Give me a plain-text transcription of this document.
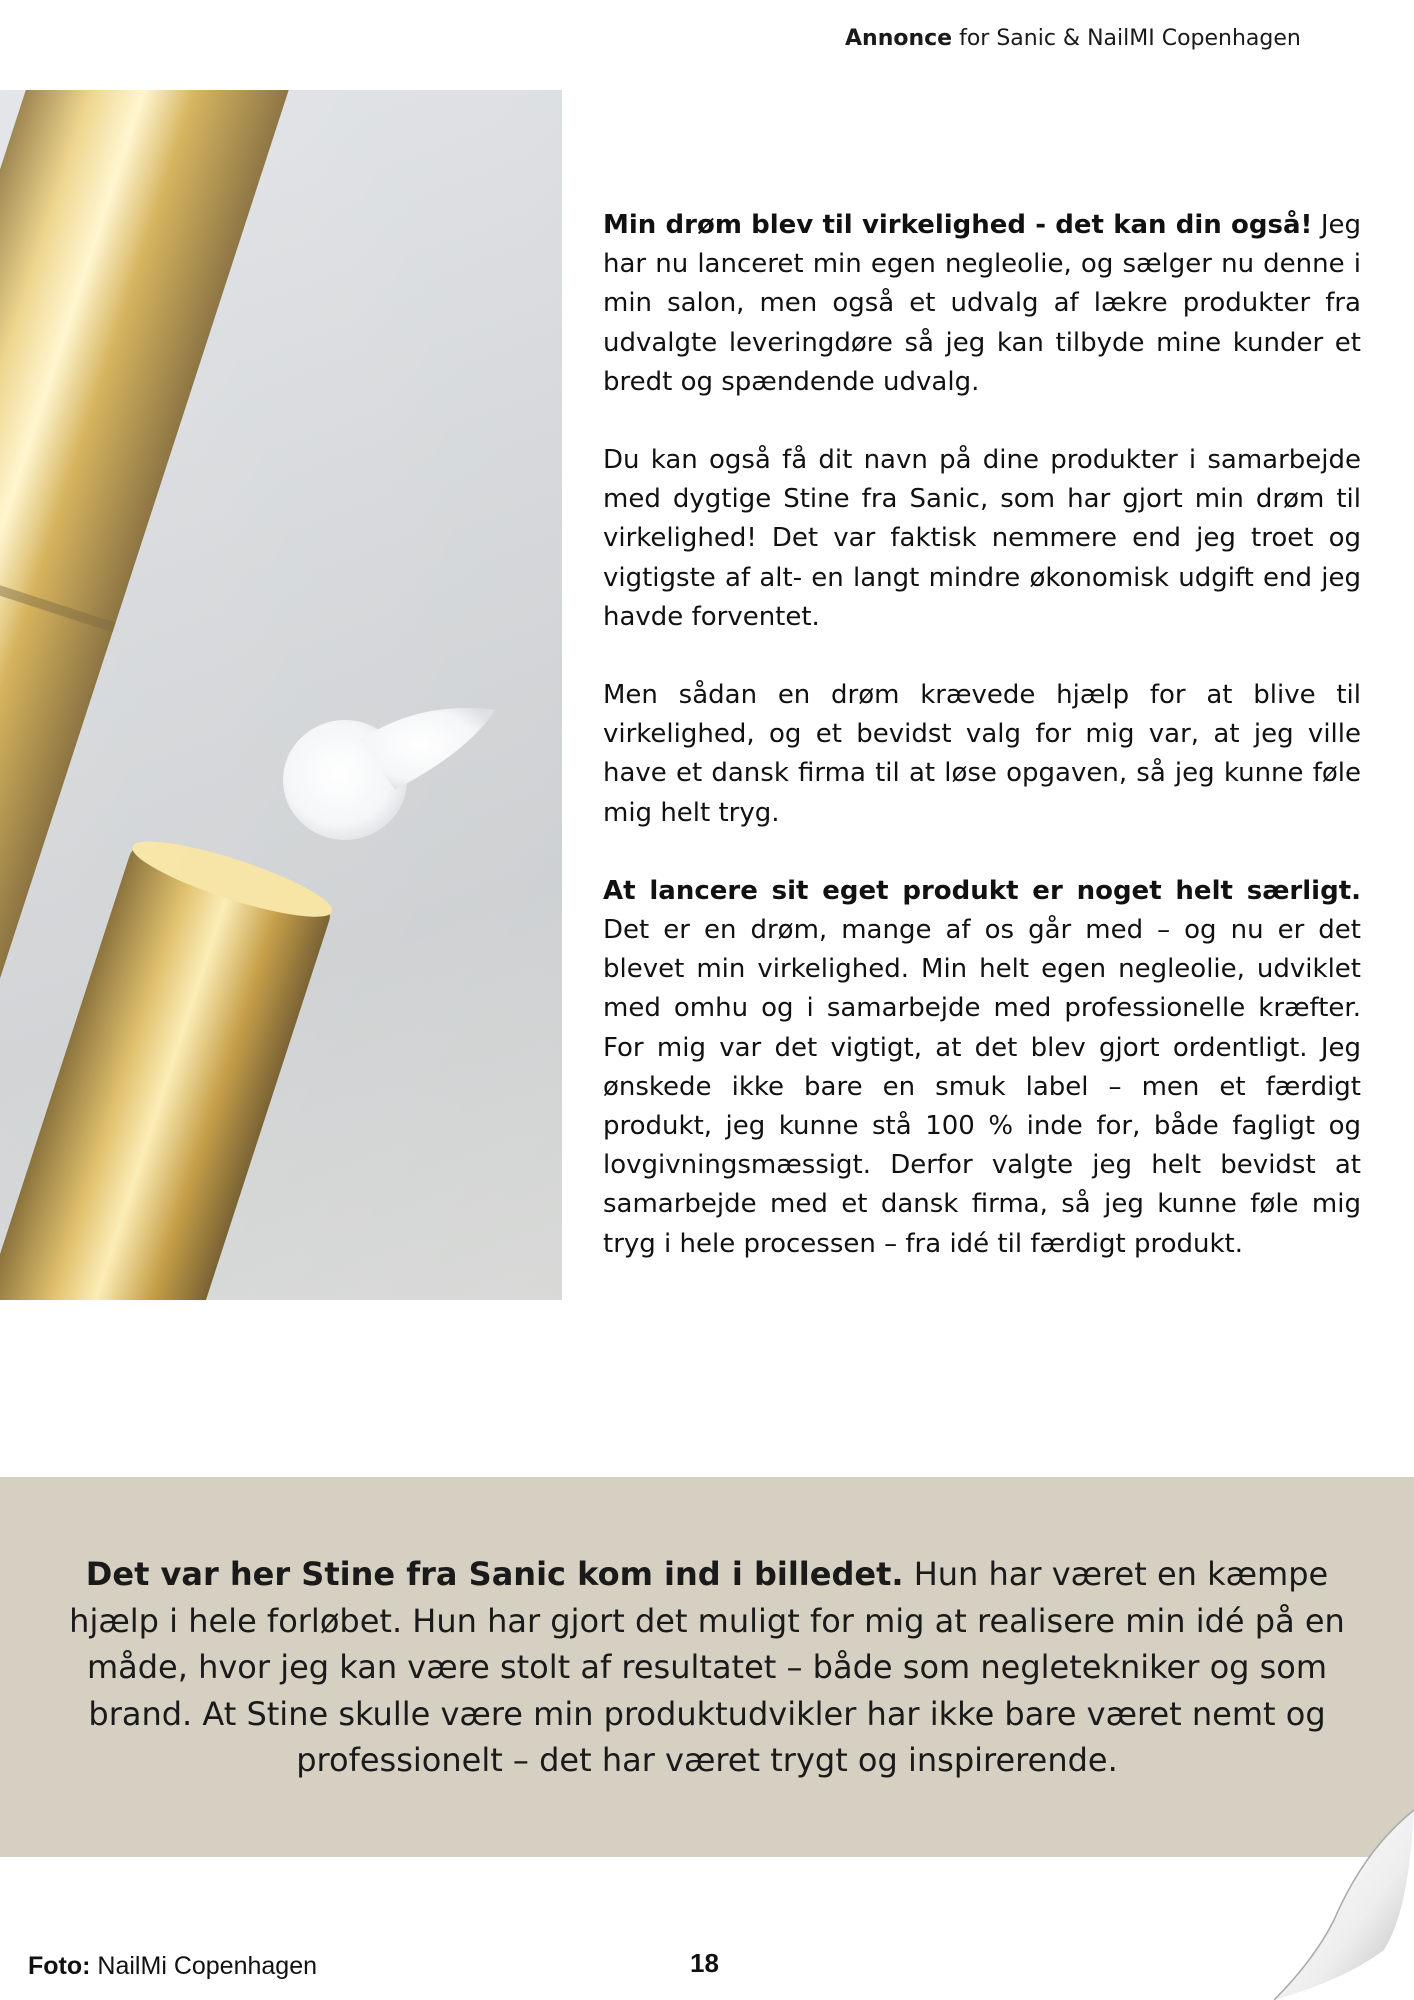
Annonce for Sanic & NailMI Copenhagen

Min drøm blev til virkelighed - det kan din også! Jeg har nu lanceret min egen negleolie, og sælger nu denne i min salon, men også et udvalg af lækre produkter fra udvalgte leveringdøre så jeg kan tilbyde mine kunder et bredt og spændende udvalg.

Du kan også få dit navn på dine produkter i samarbejde med dygtige Stine fra Sanic, som har gjort min drøm til virkelighed! Det var faktisk nemmere end jeg troet og vigtigste af alt- en langt mindre økonomisk udgift end jeg havde forventet.

Men sådan en drøm krævede hjælp for at blive til virkelighed, og et bevidst valg for mig var, at jeg ville have et dansk firma til at løse opgaven, så jeg kunne føle mig helt tryg.

At lancere sit eget produkt er noget helt særligt. Det er en drøm, mange af os går med – og nu er det blevet min virkelighed. Min helt egen negleolie, udviklet med omhu og i samarbejde med professionelle kræfter. For mig var det vigtigt, at det blev gjort ordentligt. Jeg ønskede ikke bare en smuk label – men et færdigt produkt, jeg kunne stå 100 % inde for, både fagligt og lovgivningsmæssigt. Derfor valgte jeg helt bevidst at samarbejde med et dansk firma, så jeg kunne føle mig tryg i hele processen – fra idé til færdigt produkt.

Det var her Stine fra Sanic kom ind i billedet. Hun har været en kæmpe hjælp i hele forløbet. Hun har gjort det muligt for mig at realisere min idé på en måde, hvor jeg kan være stolt af resultatet – både som negletekniker og som brand. At Stine skulle være min produktudvikler har ikke bare været nemt og professionelt – det har været trygt og inspirerende.
Foto: NailMi Copenhagen	18
